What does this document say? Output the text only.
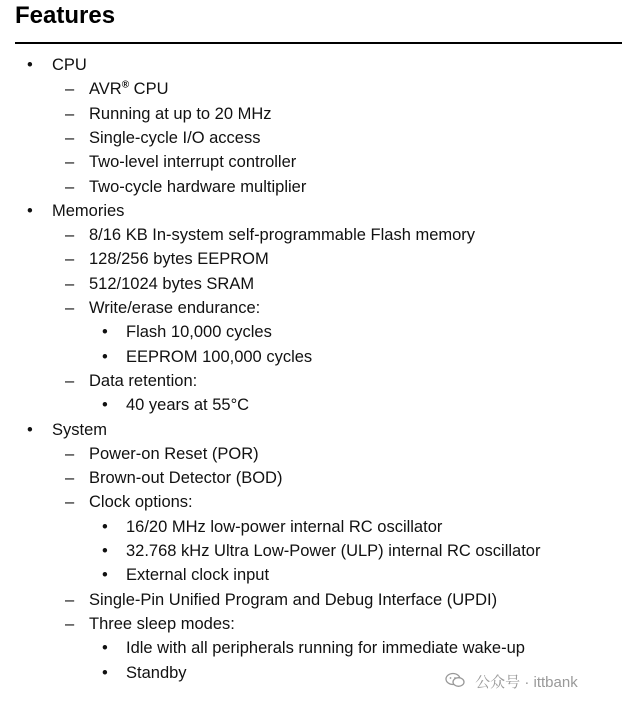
Features
• CPU
– AVR® CPU
– Running at up to 20 MHz
– Single-cycle I/O access
– Two-level interrupt controller
– Two-cycle hardware multiplier
• Memories
– 8/16 KB In-system self-programmable Flash memory
– 128/256 bytes EEPROM
– 512/1024 bytes SRAM
– Write/erase endurance:
• Flash 10,000 cycles
• EEPROM 100,000 cycles
– Data retention:
• 40 years at 55°C
• System
– Power-on Reset (POR)
– Brown-out Detector (BOD)
– Clock options:
• 16/20 MHz low-power internal RC oscillator
• 32.768 kHz Ultra Low-Power (ULP) internal RC oscillator
• External clock input
– Single-Pin Unified Program and Debug Interface (UPDI)
– Three sleep modes:
• Idle with all peripherals running for immediate wake-up
• Standby
公众号 · ittbank
